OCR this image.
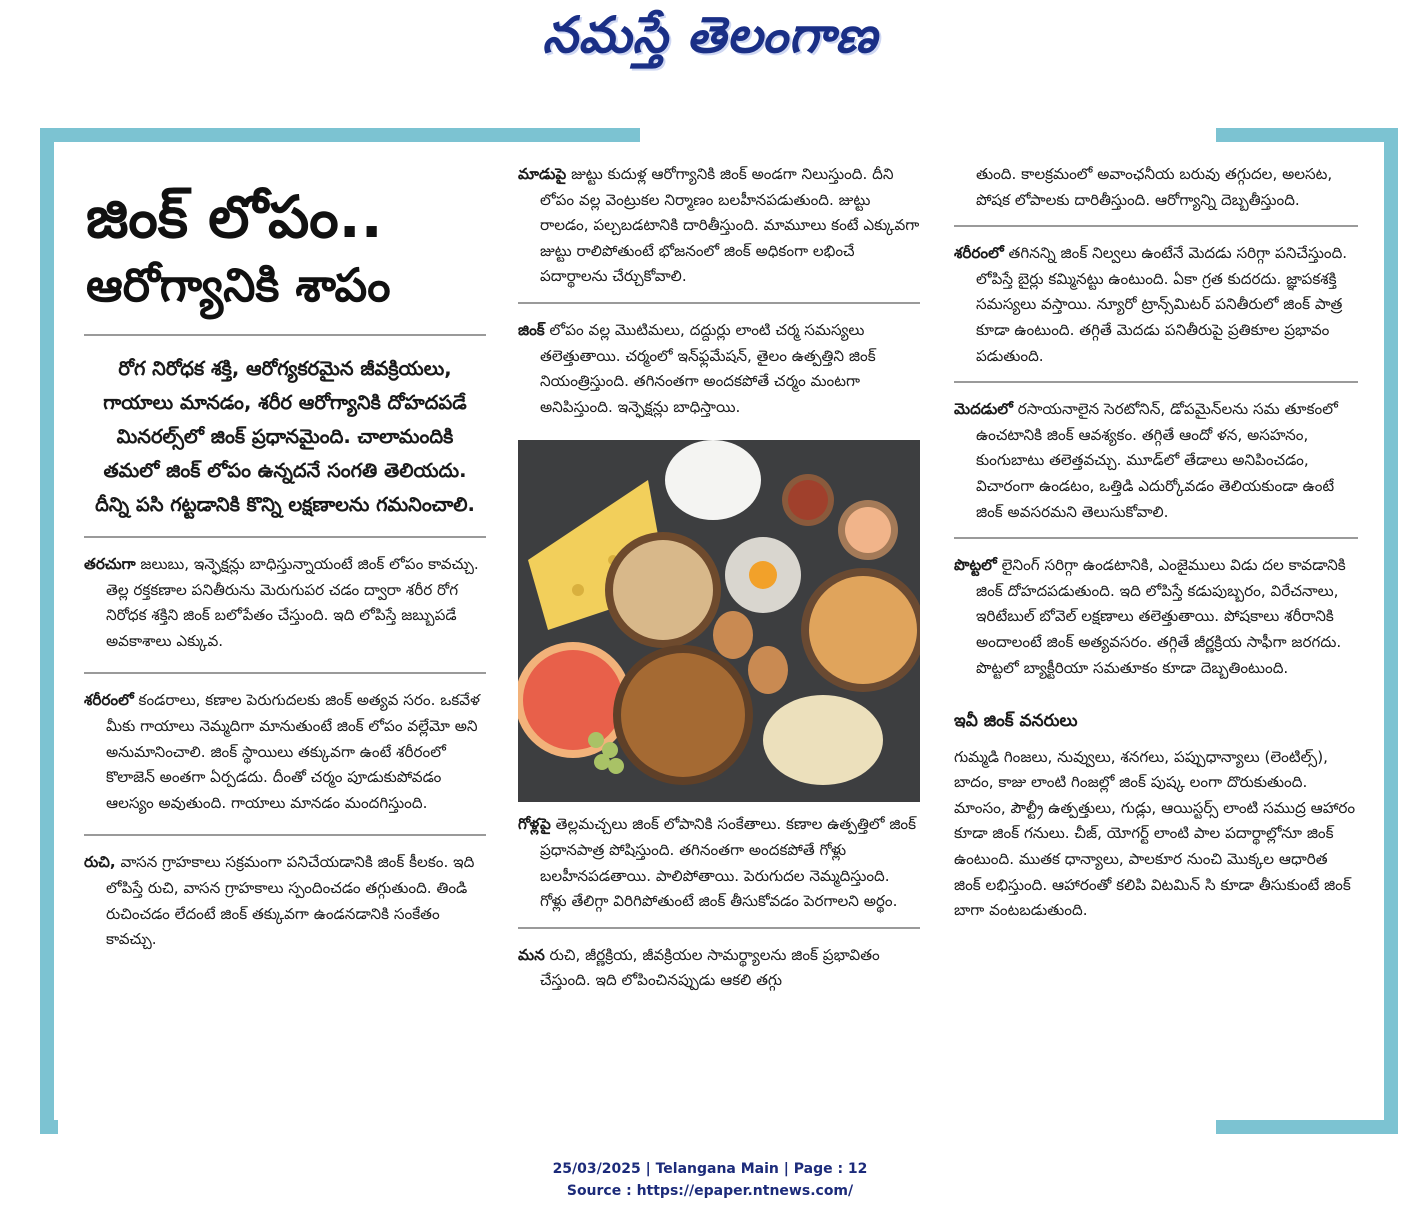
నమస్తే తెలంగాణ
జింక్ లోపం..
ఆరోగ్యానికి శాపం
రోగ నిరోధక శక్తి, ఆరోగ్యకరమైన జీవక్రియలు, గాయాలు మానడం, శరీర ఆరోగ్యానికి దోహదపడే మినరల్స్‌లో జింక్ ప్రధానమైంది. చాలామందికి తమలో జింక్ లోపం ఉన్నదనే సంగతి తెలియదు. దీన్ని పసి గట్టడానికి కొన్ని లక్షణాలను గమనించాలి.
తరచుగా జలుబు, ఇన్ఫెక్షన్లు బాధిస్తున్నాయంటే జింక్ లోపం కావచ్చు. తెల్ల రక్తకణాల పనితీరును మెరుగుపర చడం ద్వారా శరీర రోగ నిరోధక శక్తిని జింక్ బలోపేతం చేస్తుంది. ఇది లోపిస్తే జబ్బుపడే అవకాశాలు ఎక్కువ.
శరీరంలో కండరాలు, కణాల పెరుగుదలకు జింక్ అత్యవ సరం. ఒకవేళ మీకు గాయాలు నెమ్మదిగా మానుతుంటే జింక్ లోపం వల్లేమో అని అనుమానించాలి. జింక్ స్థాయిలు తక్కువగా ఉంటే శరీరంలో కొలాజెన్ అంతగా ఏర్పడదు. దీంతో చర్మం పూడుకుపోవడం ఆలస్యం అవుతుంది. గాయాలు మానడం మందగిస్తుంది.
రుచి, వాసన గ్రాహకాలు సక్రమంగా పనిచేయడానికి జింక్ కీలకం. ఇది లోపిస్తే రుచి, వాసన గ్రాహకాలు స్పందించడం తగ్గుతుంది. తిండి రుచించడం లేదంటే జింక్ తక్కువగా ఉండనడానికి సంకేతం కావచ్చు.
మాడుపై జుట్టు కుదుళ్ల ఆరోగ్యానికి జింక్ అండగా నిలుస్తుంది. దీని లోపం వల్ల వెంట్రుకల నిర్మాణం బలహీనపడుతుంది. జుట్టు రాలడం, పల్చబడటానికి దారితీస్తుంది. మామూలు కంటే ఎక్కువగా జుట్టు రాలిపోతుంటే భోజనంలో జింక్ అధికంగా లభించే పదార్థాలను చేర్చుకోవాలి.
జింక్ లోపం వల్ల మొటిమలు, దద్దుర్లు లాంటి చర్మ సమస్యలు తలెత్తుతాయి. చర్మంలో ఇన్‌ఫ్లమేషన్, తైలం ఉత్పత్తిని జింక్ నియంత్రిస్తుంది. తగినంతగా అందకపోతే చర్మం మంటగా అనిపిస్తుంది. ఇన్ఫెక్షన్లు బాధిస్తాయి.
గోళ్లపై తెల్లమచ్చలు జింక్ లోపానికి సంకేతాలు. కణాల ఉత్పత్తిలో జింక్ ప్రధానపాత్ర పోషిస్తుంది. తగినంతగా అందకపోతే గోళ్లు బలహీనపడతాయి. పాలిపోతాయి. పెరుగుదల నెమ్మదిస్తుంది. గోళ్లు తేలిగ్గా విరిగిపోతుంటే జింక్ తీసుకోవడం పెరగాలని అర్థం.
మన రుచి, జీర్ణక్రియ, జీవక్రియల సామర్థ్యాలను జింక్ ప్రభావితం చేస్తుంది. ఇది లోపించినప్పుడు ఆకలి తగ్గు
తుంది. కాలక్రమంలో అవాంఛనీయ బరువు తగ్గుదల, అలసట, పోషక లోపాలకు దారితీస్తుంది. ఆరోగ్యాన్ని దెబ్బతీస్తుంది.
శరీరంలో తగినన్ని జింక్ నిల్వలు ఉంటేనే మెదడు సరిగ్గా పనిచేస్తుంది. లోపిస్తే బైర్లు కమ్మినట్టు ఉంటుంది. ఏకా గ్రత కుదరదు. జ్ఞాపకశక్తి సమస్యలు వస్తాయి. న్యూరో ట్రాన్స్‌మిటర్ పనితీరులో జింక్ పాత్ర కూడా ఉంటుంది. తగ్గితే మెదడు పనితీరుపై ప్రతికూల ప్రభావం పడుతుంది.
మెదడులో రసాయనాలైన సెరటోనిన్, డోపమైన్‌లను సమ తూకంలో ఉంచటానికి జింక్ ఆవశ్యకం. తగ్గితే ఆందో ళన, అసహనం, కుంగుబాటు తలెత్తవచ్చు. మూడ్‌లో తేడాలు అనిపించడం, విచారంగా ఉండటం, ఒత్తిడి ఎదుర్కోవడం తెలియకుండా ఉంటే జింక్ అవసరమని తెలుసుకోవాలి.
పొట్టలో లైనింగ్ సరిగ్గా ఉండటానికి, ఎంజైములు విడు దల కావడానికి జింక్ దోహదపడుతుంది. ఇది లోపిస్తే కడుపుబ్బరం, విరేచనాలు, ఇరిటేబుల్ బోవెల్ లక్షణాలు తలెత్తుతాయి. పోషకాలు శరీరానికి అందాలంటే జింక్ అత్యవసరం. తగ్గితే జీర్ణక్రియ సాఫీగా జరగదు. పొట్టలో బ్యాక్టీరియా సమతూకం కూడా దెబ్బతింటుంది.
ఇవీ జింక్ వనరులు
గుమ్మడి గింజలు, నువ్వులు, శనగలు, పప్పుధాన్యాలు (లెంటిల్స్), బాదం, కాజు లాంటి గింజల్లో జింక్ పుష్క లంగా దొరుకుతుంది. మాంసం, పౌల్ట్రీ ఉత్పత్తులు, గుడ్లు, ఆయిస్టర్స్ లాంటి సముద్ర ఆహారం కూడా జింక్ గనులు. చీజ్, యోగర్ట్ లాంటి పాల పదార్థాల్లోనూ జింక్ ఉంటుంది. ముతక ధాన్యాలు, పాలకూర నుంచి మొక్కల ఆధారిత జింక్ లభిస్తుంది. ఆహారంతో కలిపి విటమిన్ సి కూడా తీసుకుంటే జింక్ బాగా వంటబడుతుంది.
25/03/2025 | Telangana Main | Page : 12
Source : https://epaper.ntnews.com/
